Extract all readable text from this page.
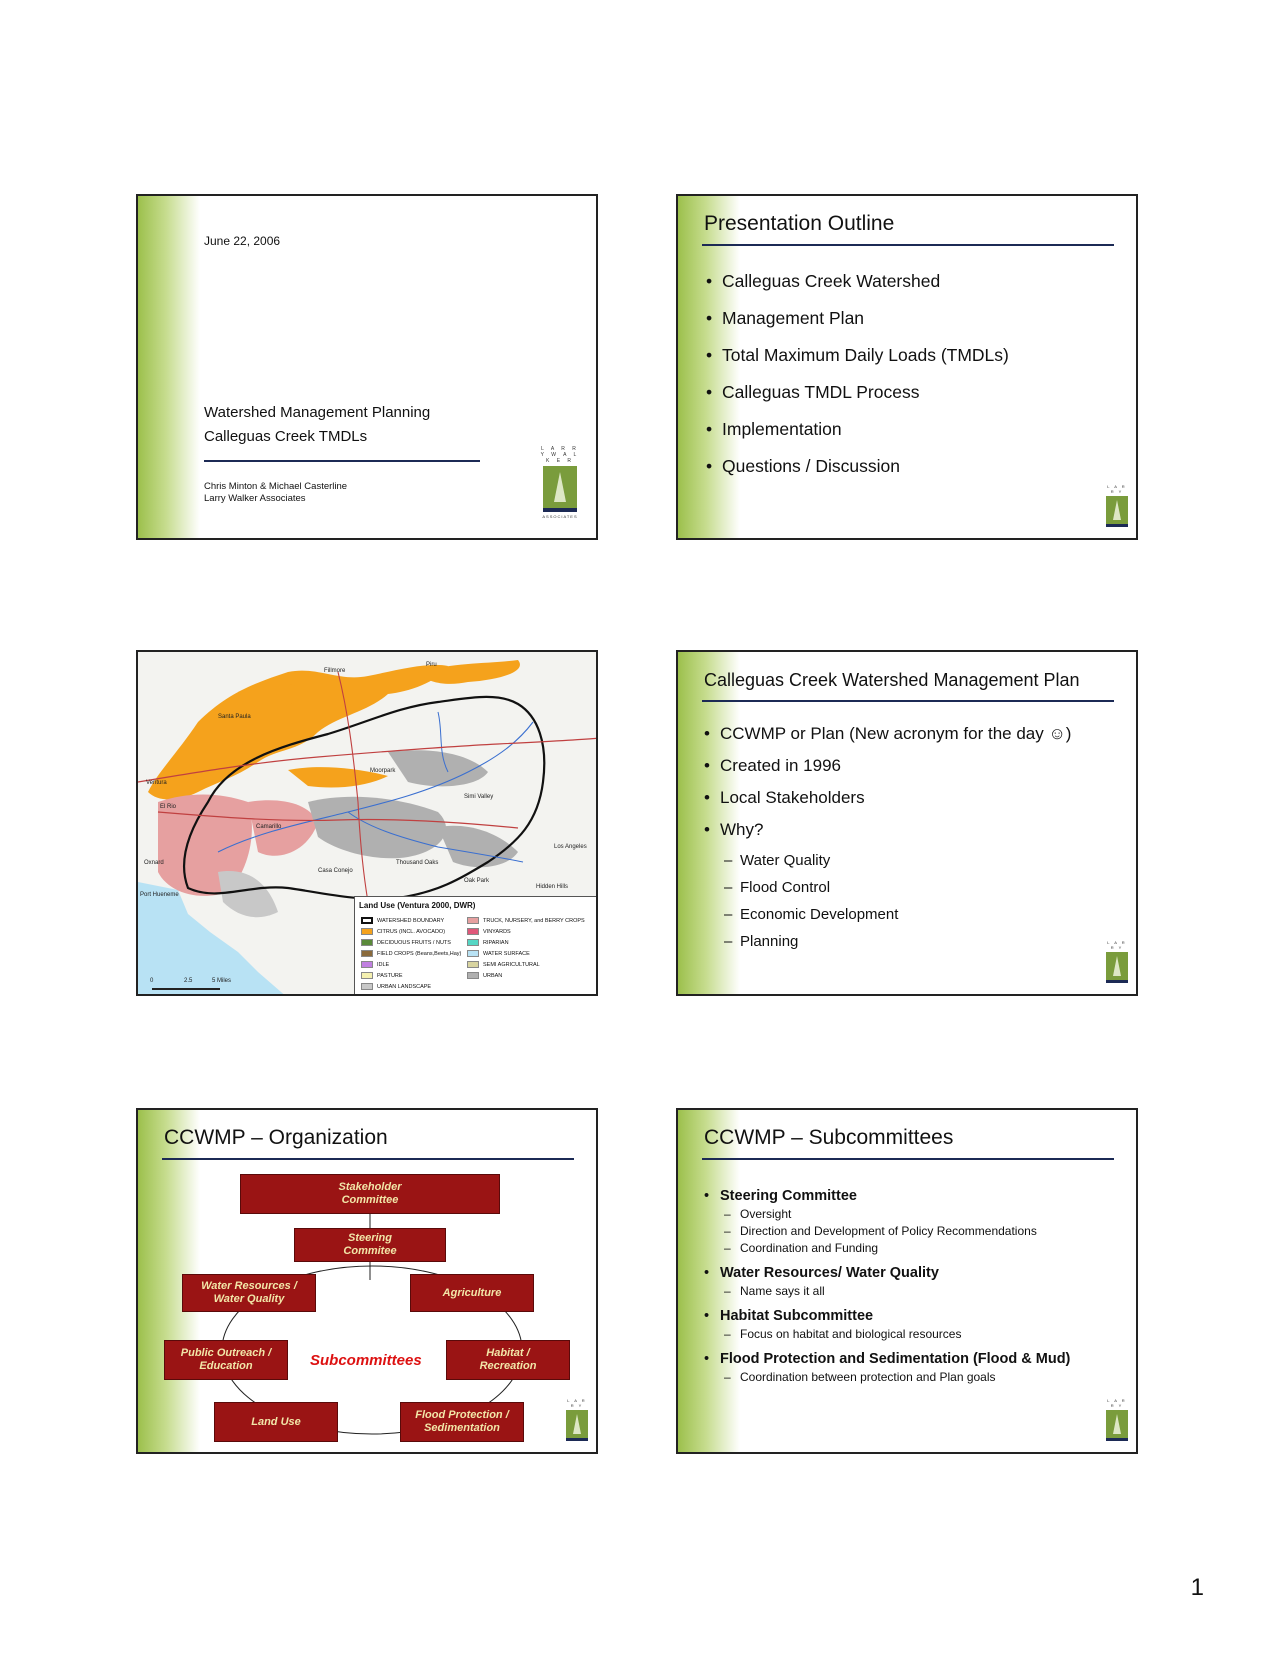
June 22, 2006
Watershed Management Planning
Calleguas Creek TMDLs
Chris Minton & Michael Casterline
Larry Walker Associates
L A R R Y W A L K E R
ASSOCIATES
Presentation Outline
• Calleguas Creek Watershed
• Management Plan
• Total Maximum Daily Loads (TMDLs)
• Calleguas TMDL Process
• Implementation
• Questions / Discussion
L A R R Y
Fillmore
Piru
Santa Paula
Ventura
El Rio
Moorpark
Simi Valley
Camarillo
Oxnard
Casa Conejo
Thousand Oaks
Los Angeles
Oak Park
Hidden Hills
Port Hueneme
Land Use (Ventura 2000, DWR)
WATERSHED BOUNDARY	TRUCK, NURSERY, and BERRY CROPS
CITRUS (INCL. AVOCADO)	VINYARDS
DECIDUOUS FRUITS / NUTS	RIPARIAN
FIELD CROPS (Beans,Beets,Hay)	WATER SURFACE
IDLE	SEMI AGRICULTURAL
PASTURE	URBAN
URBAN LANDSCAPE
0	2.5	5 Miles
Calleguas Creek Watershed Management Plan
• CCWMP or Plan (New acronym for the day ☺)
• Created in 1996
• Local Stakeholders
• Why?
– Water Quality
– Flood Control
– Economic Development
– Planning	L A R R Y
CCWMP – Organization
Stakeholder
Committee
Steering
Commitee
Water Resources /
Water Quality
Agriculture
Public Outreach /
Education	Subcommittees	Habitat /
Recreation
Land Use
Flood Protection /
Sedimentation
L A R R Y
CCWMP – Subcommittees
• Steering Committee
– Oversight
– Direction and Development of Policy Recommendations
– Coordination and Funding
• Water Resources/ Water Quality
– Name says it all
• Habitat Subcommittee
– Focus on habitat and biological resources
• Flood Protection and Sedimentation (Flood & Mud)
– Coordination between protection and Plan goals
L A R R Y
1
